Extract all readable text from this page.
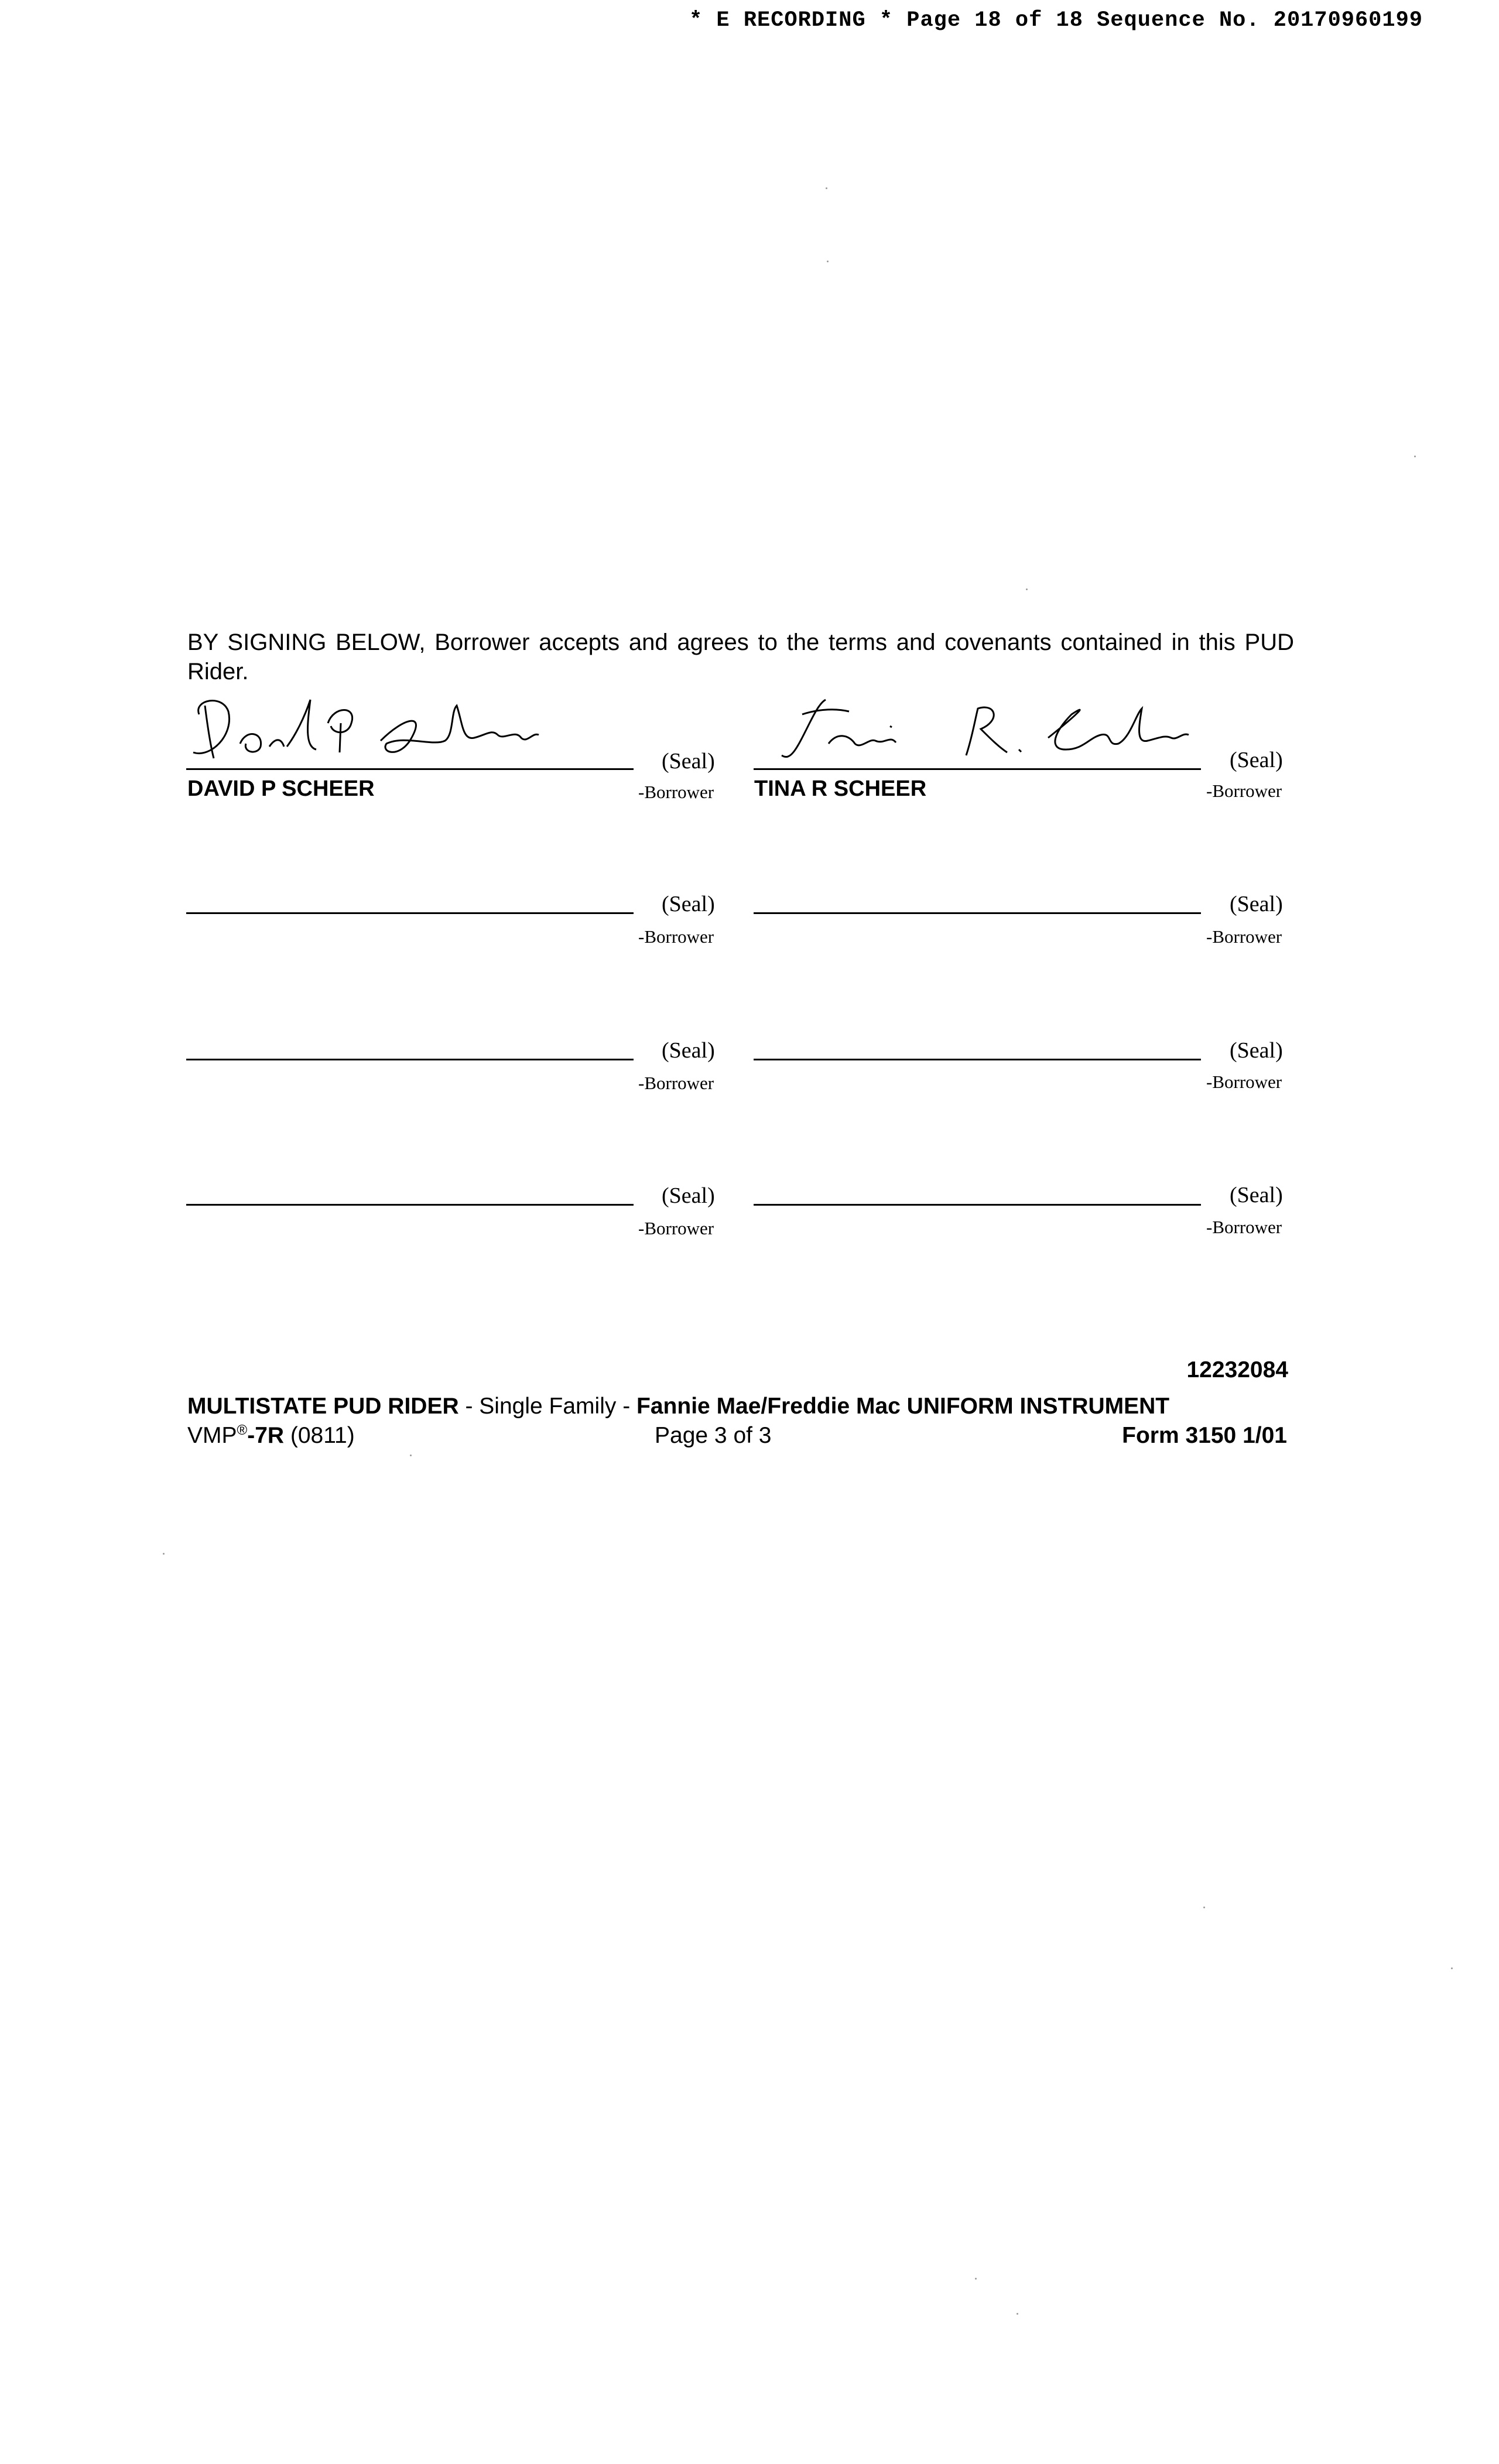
* E RECORDING * Page 18 of 18 Sequence No. 20170960199
BY SIGNING BELOW, Borrower accepts and agrees to the terms and covenants contained in this PUD Rider.
David P Scheer
Tina R. Scheer
(Seal)	(Seal)
-Borrower	-Borrower
DAVID P SCHEER	TINA R SCHEER
(Seal)	(Seal)
-Borrower	-Borrower
(Seal)	(Seal)
-Borrower	-Borrower
(Seal)	(Seal)
-Borrower	-Borrower
12232084
MULTISTATE PUD RIDER - Single Family - Fannie Mae/Freddie Mac UNIFORM INSTRUMENT
VMP®-7R (0811)	Page 3 of 3	Form 3150 1/01
